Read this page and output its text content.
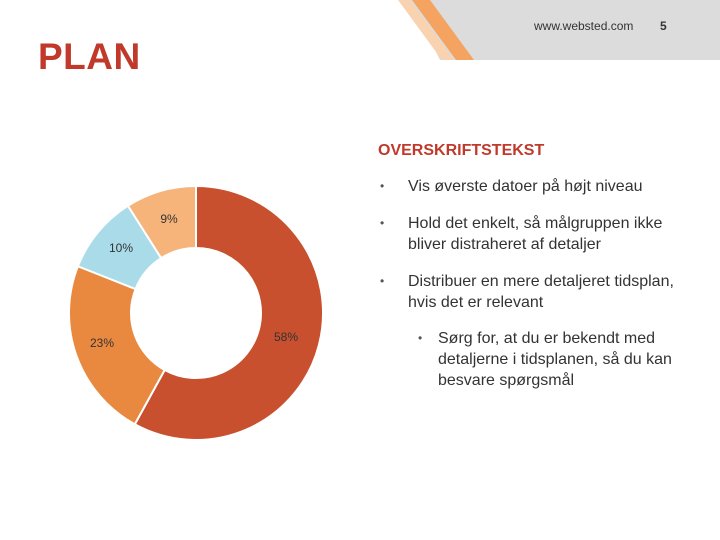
www.websted.com 5
PLAN
58%
23%
10%
9%
OVERSKRIFTSTEKST
• Vis øverste datoer på højt niveau
• Hold det enkelt, så målgruppen ikke bliver distraheret af detaljer
• Distribuer en mere detaljeret tidsplan, hvis det er relevant
• Sørg for, at du er bekendt med detaljerne i tidsplanen, så du kan besvare spørgsmål
